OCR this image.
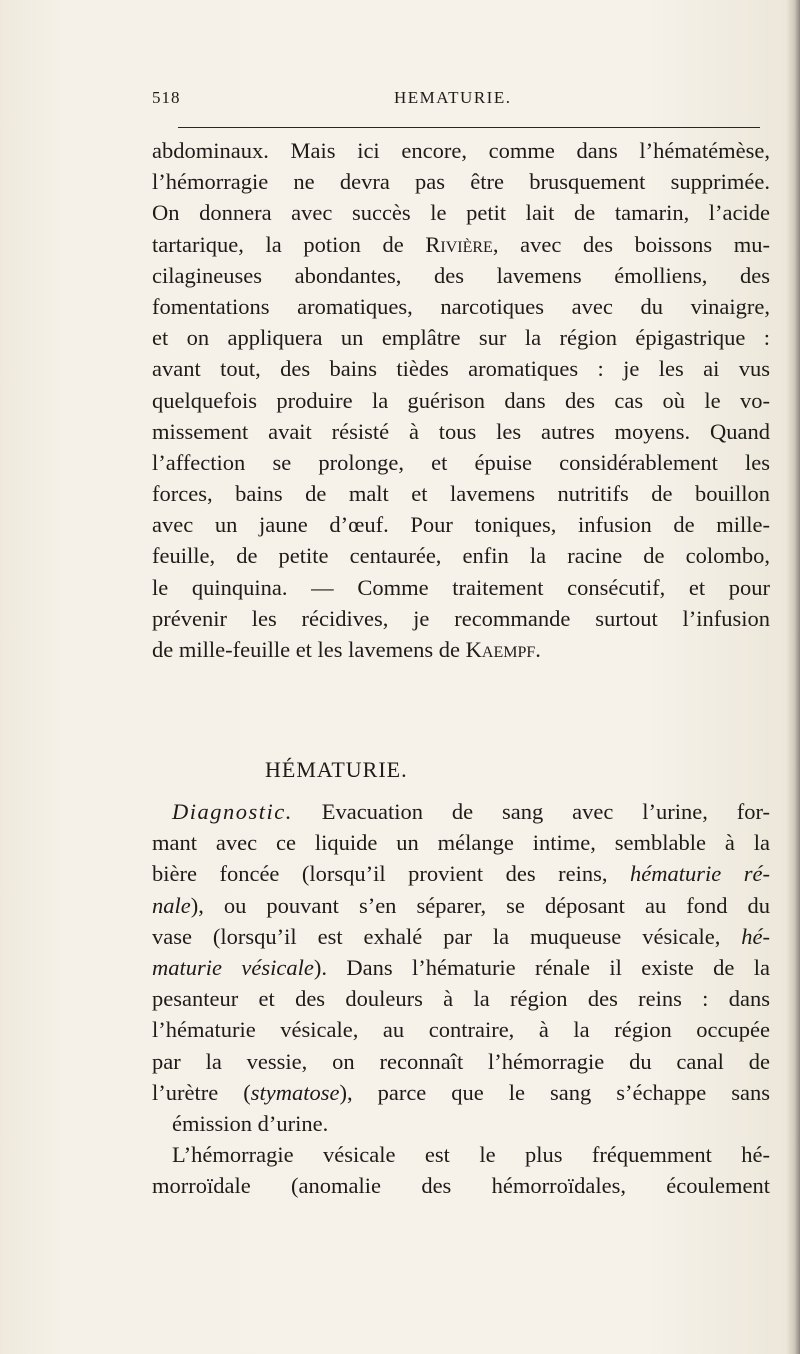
518	HEMATURIE.
abdominaux. Mais ici encore, comme dans l’hématémèse,
l’hémorragie ne devra pas être brusquement supprimée.
On donnera avec succès le petit lait de tamarin, l’acide
tartarique, la potion de Rivière, avec des boissons mu-
cilagineuses abondantes, des lavemens émolliens, des
fomentations aromatiques, narcotiques avec du vinaigre,
et on appliquera un emplâtre sur la région épigastrique :
avant tout, des bains tièdes aromatiques : je les ai vus
quelquefois produire la guérison dans des cas où le vo-
missement avait résisté à tous les autres moyens. Quand
l’affection se prolonge, et épuise considérablement les
forces, bains de malt et lavemens nutritifs de bouillon
avec un jaune d’œuf. Pour toniques, infusion de mille-
feuille, de petite centaurée, enfin la racine de colombo,
le quinquina. — Comme traitement consécutif, et pour
prévenir les récidives, je recommande surtout l’infusion
de mille-feuille et les lavemens de Kaempf.
HÉMATURIE.
Diagnostic. Evacuation de sang avec l’urine, for-
mant avec ce liquide un mélange intime, semblable à la
bière foncée (lorsqu’il provient des reins, hématurie ré-
nale), ou pouvant s’en séparer, se déposant au fond du
vase (lorsqu’il est exhalé par la muqueuse vésicale, hé-
maturie vésicale). Dans l’hématurie rénale il existe de la
pesanteur et des douleurs à la région des reins : dans
l’hématurie vésicale, au contraire, à la région occupée
par la vessie, on reconnaît l’hémorragie du canal de
l’urètre (stymatose), parce que le sang s’échappe sans
émission d’urine.
L’hémorragie vésicale est le plus fréquemment hé-
morroïdale (anomalie des hémorroïdales, écoulement
